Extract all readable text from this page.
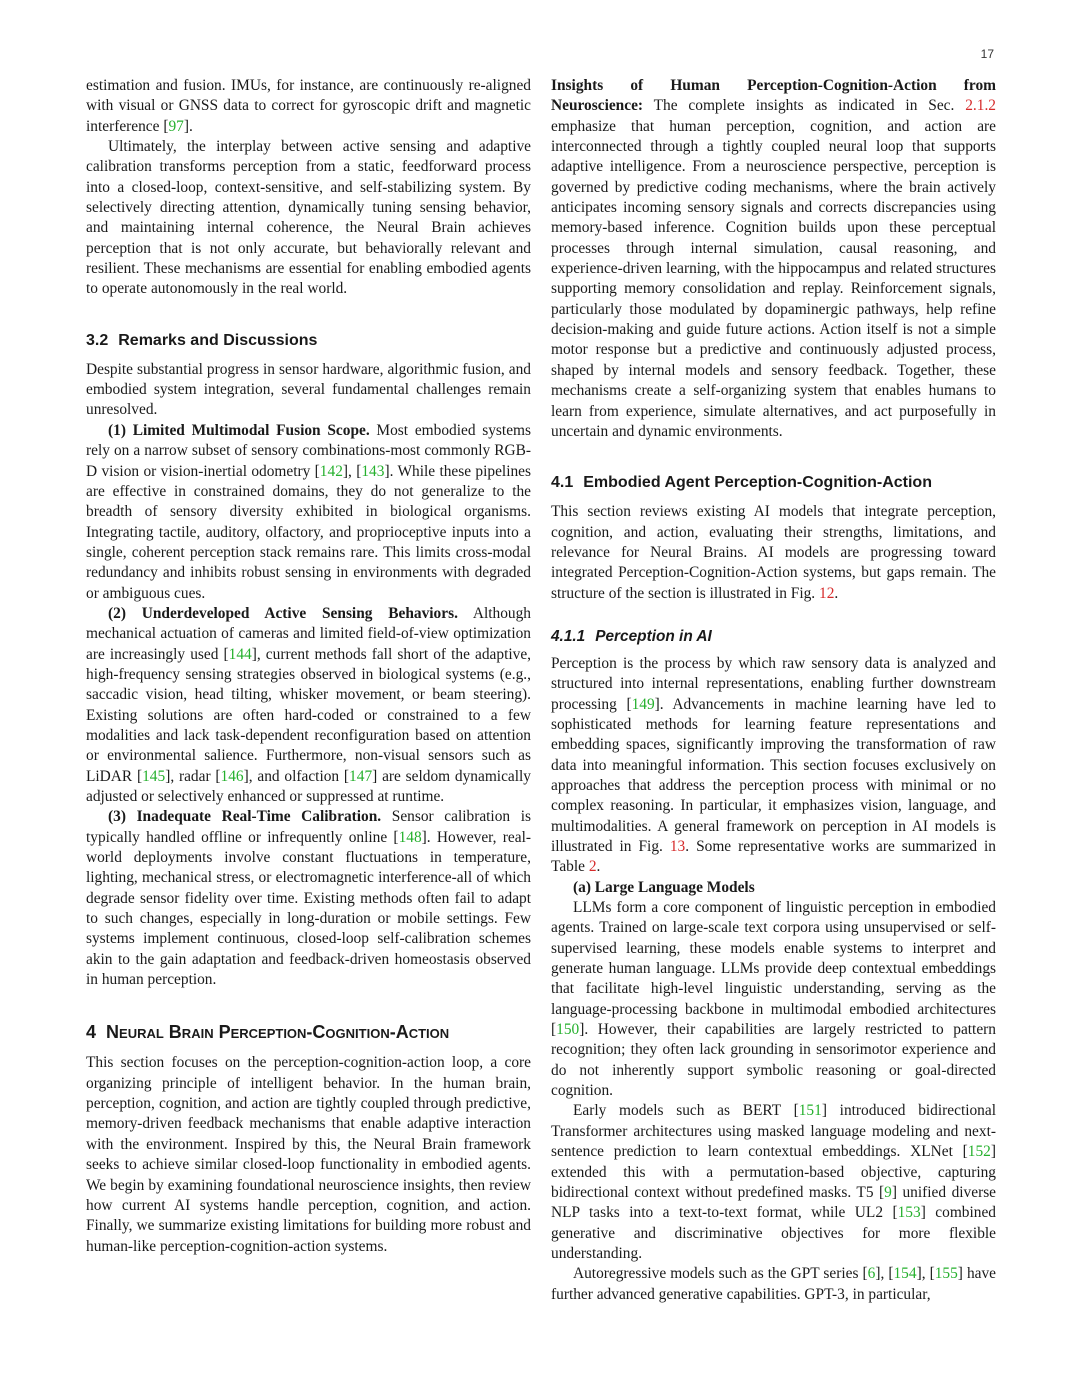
17

estimation and fusion. IMUs, for instance, are continuously re-aligned with visual or GNSS data to correct for gyroscopic drift and magnetic interference [97].

Ultimately, the interplay between active sensing and adaptive calibration transforms perception from a static, feedforward process into a closed-loop, context-sensitive, and self-stabilizing system. By selectively directing attention, dynamically tuning sensing behavior, and maintaining internal coherence, the Neural Brain achieves perception that is not only accurate, but behaviorally relevant and resilient. These mechanisms are essential for enabling embodied agents to operate autonomously in the real world.

3.2 Remarks and Discussions

Despite substantial progress in sensor hardware, algorithmic fusion, and embodied system integration, several fundamental challenges remain unresolved.

(1) Limited Multimodal Fusion Scope. Most embodied systems rely on a narrow subset of sensory combinations-most commonly RGB-D vision or vision-inertial odometry [142], [143]. While these pipelines are effective in constrained domains, they do not generalize to the breadth of sensory diversity exhibited in biological organisms. Integrating tactile, auditory, olfactory, and proprioceptive inputs into a single, coherent perception stack remains rare. This limits cross-modal redundancy and inhibits robust sensing in environments with degraded or ambiguous cues.

(2) Underdeveloped Active Sensing Behaviors. Although mechanical actuation of cameras and limited field-of-view optimization are increasingly used [144], current methods fall short of the adaptive, high-frequency sensing strategies observed in biological systems (e.g., saccadic vision, head tilting, whisker movement, or beam steering). Existing solutions are often hard-coded or constrained to a few modalities and lack task-dependent reconfiguration based on attention or environmental salience. Furthermore, non-visual sensors such as LiDAR [145], radar [146], and olfaction [147] are seldom dynamically adjusted or selectively enhanced or suppressed at runtime.

(3) Inadequate Real-Time Calibration. Sensor calibration is typically handled offline or infrequently online [148]. However, real-world deployments involve constant fluctuations in temperature, lighting, mechanical stress, or electromagnetic interference-all of which degrade sensor fidelity over time. Existing methods often fail to adapt to such changes, especially in long-duration or mobile settings. Few systems implement continuous, closed-loop self-calibration schemes akin to the gain adaptation and feedback-driven homeostasis observed in human perception.

4 Neural Brain Perception-Cognition-Action

This section focuses on the perception-cognition-action loop, a core organizing principle of intelligent behavior. In the human brain, perception, cognition, and action are tightly coupled through predictive, memory-driven feedback mechanisms that enable adaptive interaction with the environment. Inspired by this, the Neural Brain framework seeks to achieve similar closed-loop functionality in embodied agents. We begin by examining foundational neuroscience insights, then review how current AI systems handle perception, cognition, and action. Finally, we summarize existing limitations for building more robust and human-like perception-cognition-action systems.

Insights of Human Perception-Cognition-Action from Neuroscience: The complete insights as indicated in Sec. 2.1.2 emphasize that human perception, cognition, and action are interconnected through a tightly coupled neural loop that supports adaptive intelligence. From a neuroscience perspective, perception is governed by predictive coding mechanisms, where the brain actively anticipates incoming sensory signals and corrects discrepancies using memory-based inference. Cognition builds upon these perceptual processes through internal simulation, causal reasoning, and experience-driven learning, with the hippocampus and related structures supporting memory consolidation and replay. Reinforcement signals, particularly those modulated by dopaminergic pathways, help refine decision-making and guide future actions. Action itself is not a simple motor response but a predictive and continuously adjusted process, shaped by internal models and sensory feedback. Together, these mechanisms create a self-organizing system that enables humans to learn from experience, simulate alternatives, and act purposefully in uncertain and dynamic environments.

4.1 Embodied Agent Perception-Cognition-Action

This section reviews existing AI models that integrate perception, cognition, and action, evaluating their strengths, limitations, and relevance for Neural Brains. AI models are progressing toward integrated Perception-Cognition-Action systems, but gaps remain. The structure of the section is illustrated in Fig. 12.

4.1.1 Perception in AI

Perception is the process by which raw sensory data is analyzed and structured into internal representations, enabling further downstream processing [149]. Advancements in machine learning have led to sophisticated methods for learning feature representations and embedding spaces, significantly improving the transformation of raw data into meaningful information. This section focuses exclusively on approaches that address the perception process with minimal or no complex reasoning. In particular, it emphasizes vision, language, and multimodalities. A general framework on perception in AI models is illustrated in Fig. 13. Some representative works are summarized in Table 2.

(a) Large Language Models

LLMs form a core component of linguistic perception in embodied agents. Trained on large-scale text corpora using unsupervised or self-supervised learning, these models enable systems to interpret and generate human language. LLMs provide deep contextual embeddings that facilitate high-level linguistic understanding, serving as the language-processing backbone in multimodal embodied architectures [150]. However, their capabilities are largely restricted to pattern recognition; they often lack grounding in sensorimotor experience and do not inherently support symbolic reasoning or goal-directed cognition.

Early models such as BERT [151] introduced bidirectional Transformer architectures using masked language modeling and next-sentence prediction to learn contextual embeddings. XLNet [152] extended this with a permutation-based objective, capturing bidirectional context without predefined masks. T5 [9] unified diverse NLP tasks into a text-to-text format, while UL2 [153] combined generative and discriminative objectives for more flexible understanding.

Autoregressive models such as the GPT series [6], [154], [155] have further advanced generative capabilities. GPT-3, in particular,
